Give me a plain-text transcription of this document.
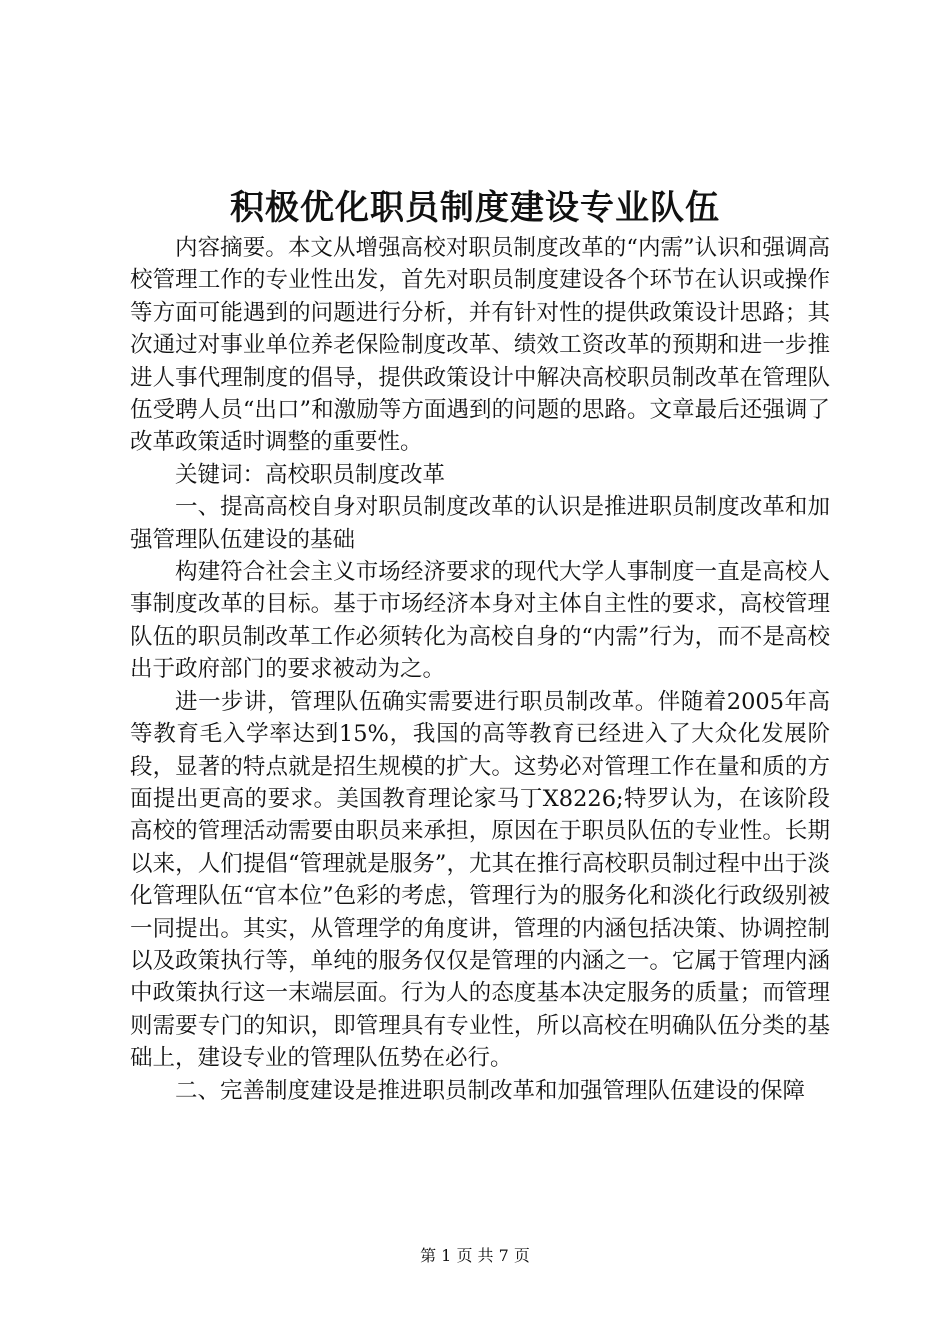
积极优化职员制度建设专业队伍

内容摘要。本文从增强高校对职员制度改革的“内需”认识和强调高校管理工作的专业性出发，首先对职员制度建设各个环节在认识或操作等方面可能遇到的问题进行分析，并有针对性的提供政策设计思路；其次通过对事业单位养老保险制度改革、绩效工资改革的预期和进一步推进人事代理制度的倡导，提供政策设计中解决高校职员制改革在管理队伍受聘人员“出口”和激励等方面遇到的问题的思路。文章最后还强调了改革政策适时调整的重要性。

关键词：高校职员制度改革

一、提高高校自身对职员制度改革的认识是推进职员制度改革和加强管理队伍建设的基础

构建符合社会主义市场经济要求的现代大学人事制度一直是高校人事制度改革的目标。基于市场经济本身对主体自主性的要求，高校管理队伍的职员制改革工作必须转化为高校自身的“内需”行为，而不是高校出于政府部门的要求被动为之。

进一步讲，管理队伍确实需要进行职员制改革。伴随着2005年高等教育毛入学率达到15%，我国的高等教育已经进入了大众化发展阶段，显著的特点就是招生规模的扩大。这势必对管理工作在量和质的方面提出更高的要求。美国教育理论家马丁X8226;特罗认为，在该阶段高校的管理活动需要由职员来承担，原因在于职员队伍的专业性。长期以来，人们提倡“管理就是服务”，尤其在推行高校职员制过程中出于淡化管理队伍“官本位”色彩的考虑，管理行为的服务化和淡化行政级别被一同提出。其实，从管理学的角度讲，管理的内涵包括决策、协调控制以及政策执行等，单纯的服务仅仅是管理的内涵之一。它属于管理内涵中政策执行这一末端层面。行为人的态度基本决定服务的质量；而管理则需要专门的知识，即管理具有专业性，所以高校在明确队伍分类的基础上，建设专业的管理队伍势在必行。

二、完善制度建设是推进职员制改革和加强管理队伍建设的保障

第 1 页 共 7 页
